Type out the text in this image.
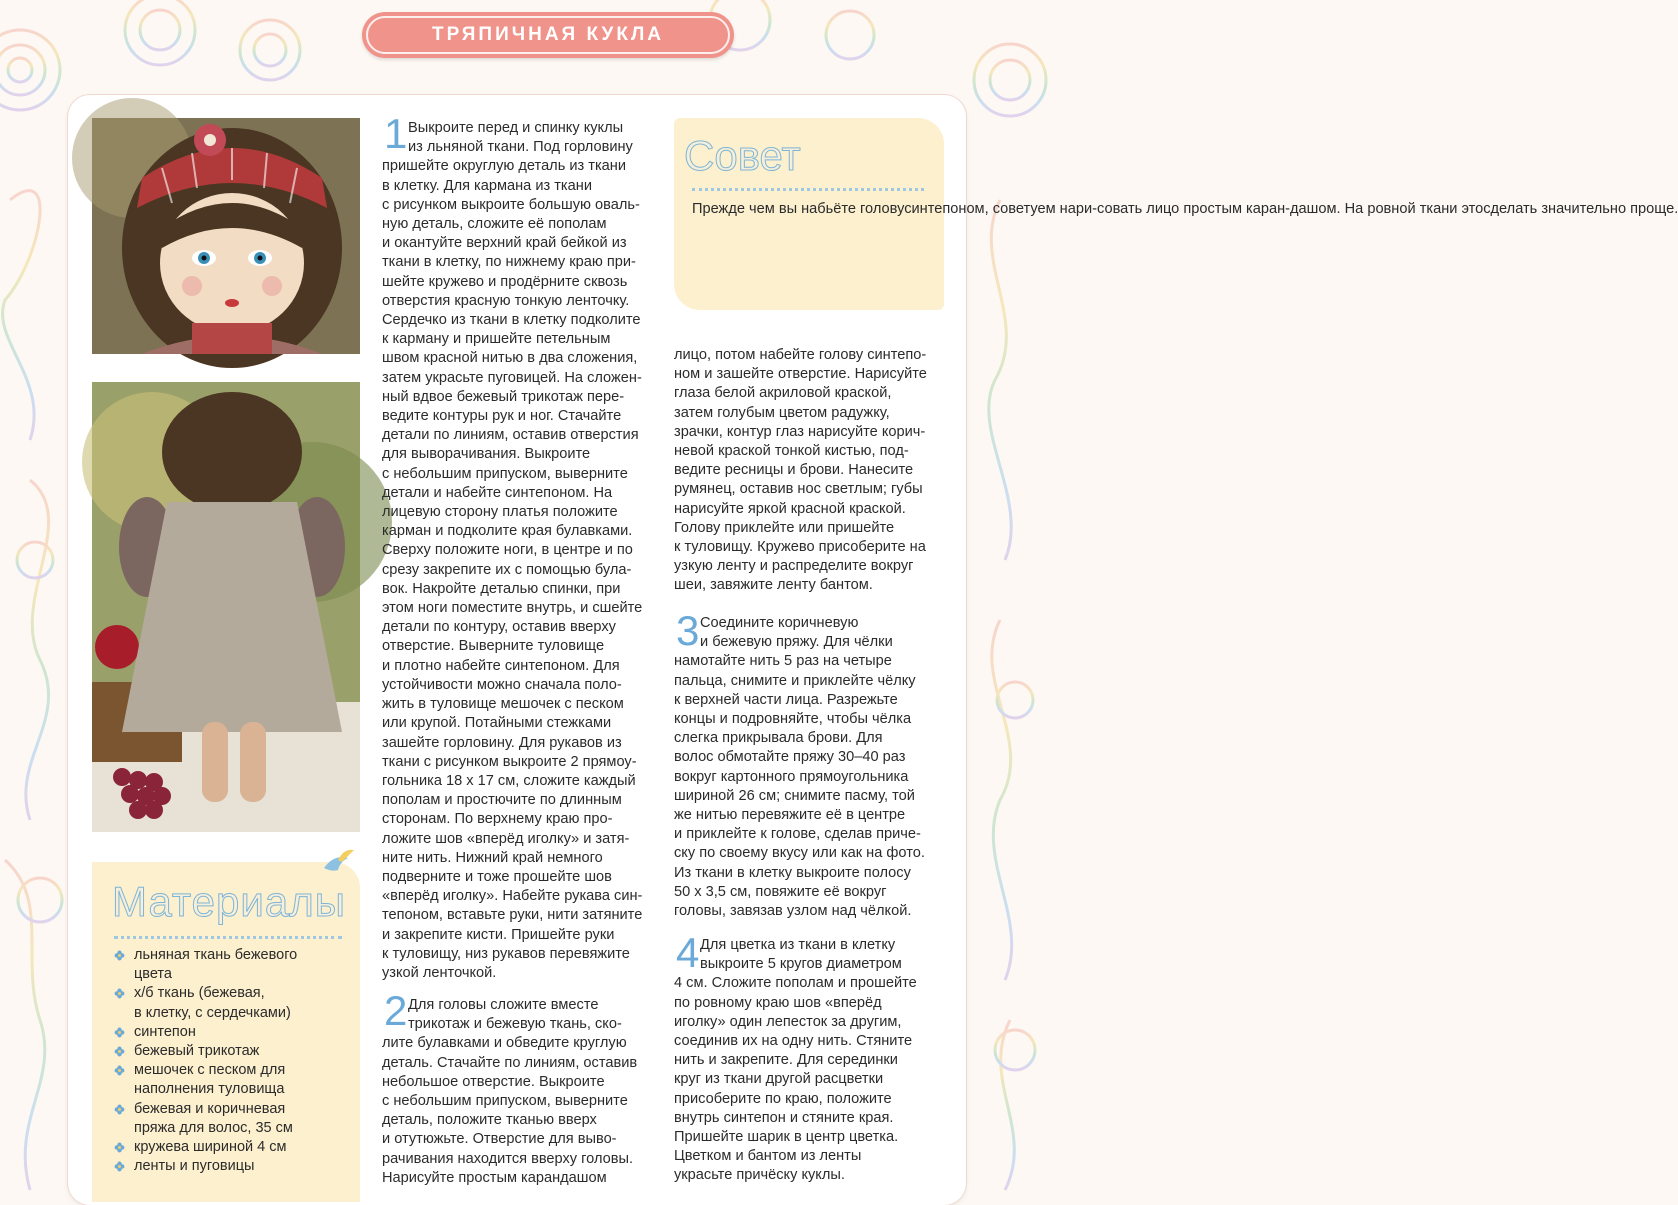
ТРЯПИЧНАЯ КУКЛА
Материалы
льняная ткань бежевого
цвета
х/б ткань (бежевая,
в клетку, с сердечками)
синтепон
бежевый трикотаж
мешочек с песком для
наполнения туловища
бежевая и коричневая
пряжа для волос, 35 см
кружева шириной 4 см
ленты и пуговицы
1 Выкроите перед и спинку куклы
из льняной ткани. Под горловину
пришейте округлую деталь из ткани
в клетку. Для кармана из ткани
с рисунком выкроите большую оваль-
ную деталь, сложите её пополам
и окантуйте верхний край бейкой из
ткани в клетку, по нижнему краю при-
шейте кружево и продёрните сквозь
отверстия красную тонкую ленточку.
Сердечко из ткани в клетку подколите
к карману и пришейте петельным
швом красной нитью в два сложения,
затем украсьте пуговицей. На сложен-
ный вдвое бежевый трикотаж пере-
ведите контуры рук и ног. Стачайте
детали по линиям, оставив отверстия
для выворачивания. Выкроите
с небольшим припуском, выверните
детали и набейте синтепоном. На
лицевую сторону платья положите
карман и подколите края булавками.
Сверху положите ноги, в центре и по
срезу закрепите их с помощью була-
вок. Накройте деталью спинки, при
этом ноги поместите внутрь, и сшейте
детали по контуру, оставив вверху
отверстие. Выверните туловище
и плотно набейте синтепоном. Для
устойчивости можно сначала поло-
жить в туловище мешочек с песком
или крупой. Потайными стежками
зашейте горловину. Для рукавов из
ткани с рисунком выкроите 2 прямоу-
гольника 18 х 17 см, сложите каждый
пополам и простючите по длинным
сторонам. По верхнему краю про-
ложите шов «вперёд иголку» и затя-
ните нить. Нижний край немного
подверните и тоже прошейте шов
«вперёд иголку». Набейте рукава син-
тепоном, вставьте руки, нити затяните
и закрепите кисти. Пришейте руки
к туловищу, низ рукавов перевяжите
узкой ленточкой.
2 Для головы сложите вместе
трикотаж и бежевую ткань, ско-
лите булавками и обведите круглую
деталь. Стачайте по линиям, оставив
небольшое отверстие. Выкроите
с небольшим припуском, выверните
деталь, положите тканью вверх
и отутюжьте. Отверстие для выво-
рачивания находится вверху головы.
Нарисуйте простым карандашом
Совет
Прежде чем вы набьёте головусинтепоном, советуем нари-совать лицо простым каран-дашом. На ровной ткани этосделать значительно проще.
лицо, потом набейте голову синтепо-
ном и зашейте отверстие. Нарисуйте
глаза белой акриловой краской,
затем голубым цветом радужку,
зрачки, контур глаз нарисуйте корич-
невой краской тонкой кистью, под-
ведите ресницы и брови. Нанесите
румянец, оставив нос светлым; губы
нарисуйте яркой красной краской.
Голову приклейте или пришейте
к туловищу. Кружево присоберите на
узкую ленту и распределите вокруг
шеи, завяжите ленту бантом.
3 Соедините коричневую
и бежевую пряжу. Для чёлки
намотайте нить 5 раз на четыре
пальца, снимите и приклейте чёлку
к верхней части лица. Разрежьте
концы и подровняйте, чтобы чёлка
слегка прикрывала брови. Для
волос обмотайте пряжу 30–40 раз
вокруг картонного прямоугольника
шириной 26 см; снимите пасму, той
же нитью перевяжите её в центре
и приклейте к голове, сделав приче-
ску по своему вкусу или как на фото.
Из ткани в клетку выкроите полосу
50 х 3,5 см, повяжите её вокруг
головы, завязав узлом над чёлкой.
4 Для цветка из ткани в клетку
выкроите 5 кругов диаметром
4 см. Сложите пополам и прошейте
по ровному краю шов «вперёд
иголку» один лепесток за другим,
соединив их на одну нить. Стяните
нить и закрепите. Для серединки
круг из ткани другой расцветки
присоберите по краю, положите
внутрь синтепон и стяните края.
Пришейте шарик в центр цветка.
Цветком и бантом из ленты
украсьте причёску куклы.
